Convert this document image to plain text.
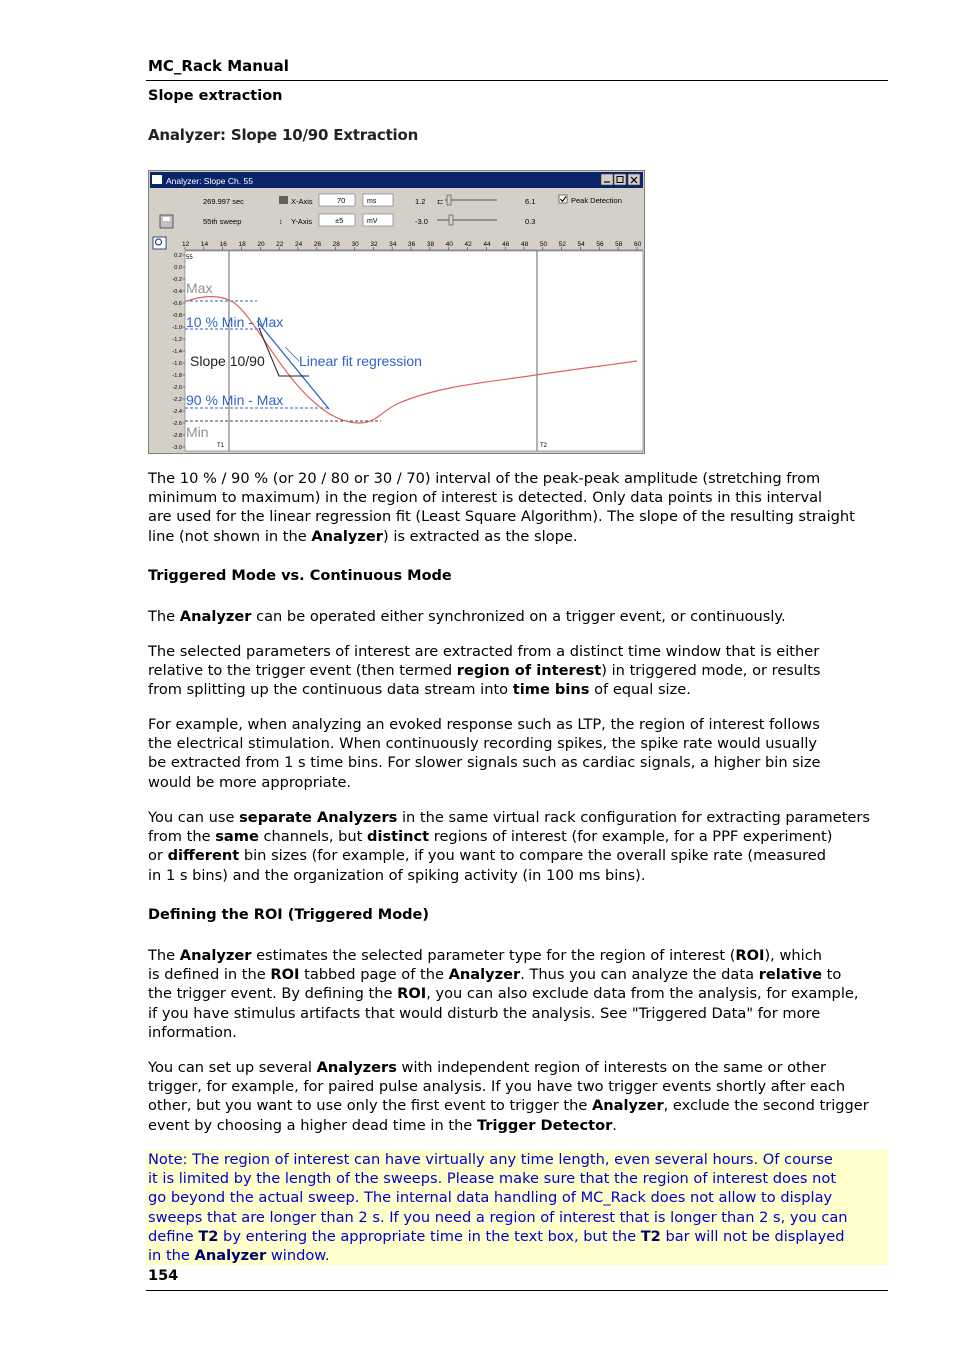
MC_Rack Manual
Slope extraction
Analyzer: Slope 10/90 Extraction
Analyzer: Slope Ch. 55
269.997 sec	X-Axis	70	ms	1.2 ⊏	6.1	Peak Detection
55th sweep	↕ Y-Axis	±5	mV	-3.0	0.3
12 14 16 18 20 22 24 26 28 30 32 34 36 38 40 42 44 46 48 50 52 54 56 58 60
0.2
0.0
-0.2
-0.4
-0.6
-0.8
-1.0
-1.2
-1.4
-1.6
-1.8
-2.0
-2.2
-2.4
-2.6
-2.8
-3.0
55
T1	T2
Max
10 % Min - Max
Slope 10/90 Linear fit regression
90 % Min - Max
Min
The 10 % / 90 % (or 20 / 80 or 30 / 70) interval of the peak-peak amplitude (stretching from
minimum to maximum) in the region of interest is detected. Only data points in this interval
are used for the linear regression fit (Least Square Algorithm). The slope of the resulting straight
line (not shown in the Analyzer) is extracted as the slope.
Triggered Mode vs. Continuous Mode
The Analyzer can be operated either synchronized on a trigger event, or continuously.
The selected parameters of interest are extracted from a distinct time window that is either
relative to the trigger event (then termed region of interest) in triggered mode, or results
from splitting up the continuous data stream into time bins of equal size.
For example, when analyzing an evoked response such as LTP, the region of interest follows
the electrical stimulation. When continuously recording spikes, the spike rate would usually
be extracted from 1 s time bins. For slower signals such as cardiac signals, a higher bin size
would be more appropriate.
You can use separate Analyzers in the same virtual rack configuration for extracting parameters
from the same channels, but distinct regions of interest (for example, for a PPF experiment)
or different bin sizes (for example, if you want to compare the overall spike rate (measured
in 1 s bins) and the organization of spiking activity (in 100 ms bins).
Defining the ROI (Triggered Mode)
The Analyzer estimates the selected parameter type for the region of interest (ROI), which
is defined in the ROI tabbed page of the Analyzer. Thus you can analyze the data relative to
the trigger event. By defining the ROI, you can also exclude data from the analysis, for example,
if you have stimulus artifacts that would disturb the analysis. See "Triggered Data" for more
information.
You can set up several Analyzers with independent region of interests on the same or other
trigger, for example, for paired pulse analysis. If you have two trigger events shortly after each
other, but you want to use only the first event to trigger the Analyzer, exclude the second trigger
event by choosing a higher dead time in the Trigger Detector.
Note: The region of interest can have virtually any time length, even several hours. Of course
it is limited by the length of the sweeps. Please make sure that the region of interest does not
go beyond the actual sweep. The internal data handling of MC_Rack does not allow to display
sweeps that are longer than 2 s. If you need a region of interest that is longer than 2 s, you can
define T2 by entering the appropriate time in the text box, but the T2 bar will not be displayed
in the Analyzer window.
154
